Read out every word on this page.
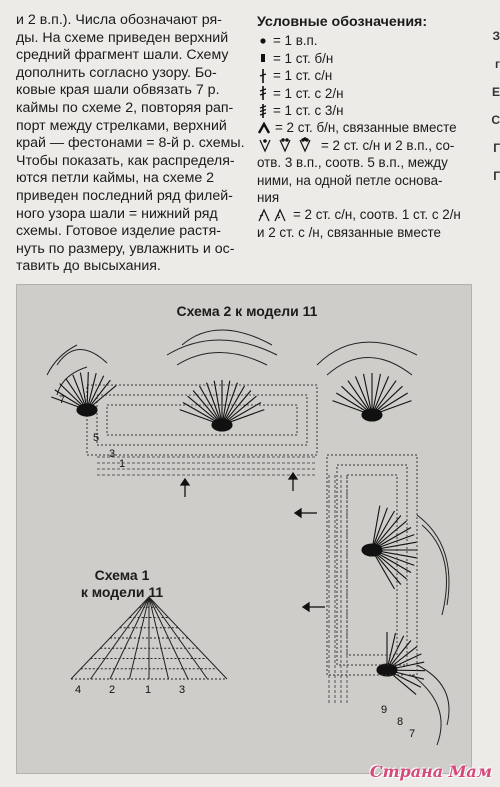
и 2 в.п.). Числа обозначают ря-

ды. На схеме приведен верхний

средний фрагмент шали. Схему

дополнить согласно узору. Бо-

ковые края шали обвязать 7 р.

каймы по схеме 2, повторяя рап-

порт между стрелками, верхний

край — фестонами = 8-й р. схемы.

Чтобы показать, как распределя-

ются петли каймы, на схеме 2

приведен последний ряд филей-

ного узора шали = нижний ряд

схемы. Готовое изделие растя-

нуть по размеру, увлажнить и ос-

тавить до высыхания.

Условные обозначения:
= 1 в.п.
= 1 ст. б/н
= 1 ст. с/н
= 1 ст. с 2/н
= 1 ст. с 3/н
= 2 ст. б/н, связанные вместе
= 2 ст. с/н и 2 в.п., со-
отв. 3 в.п., соотв. 5 в.п., между
ними, на одной петле основа-
ния
= 2 ст. с/н, соотв. 1 ст. с 2/н
и 2 ст. с /н, связанные вместе
З
г
Е
С
Г
Г
Схема 2 к модели 11
Схема 1
к модели 11
4	2	1	3
7
5
3
1
9
8
7
Страна Мам
